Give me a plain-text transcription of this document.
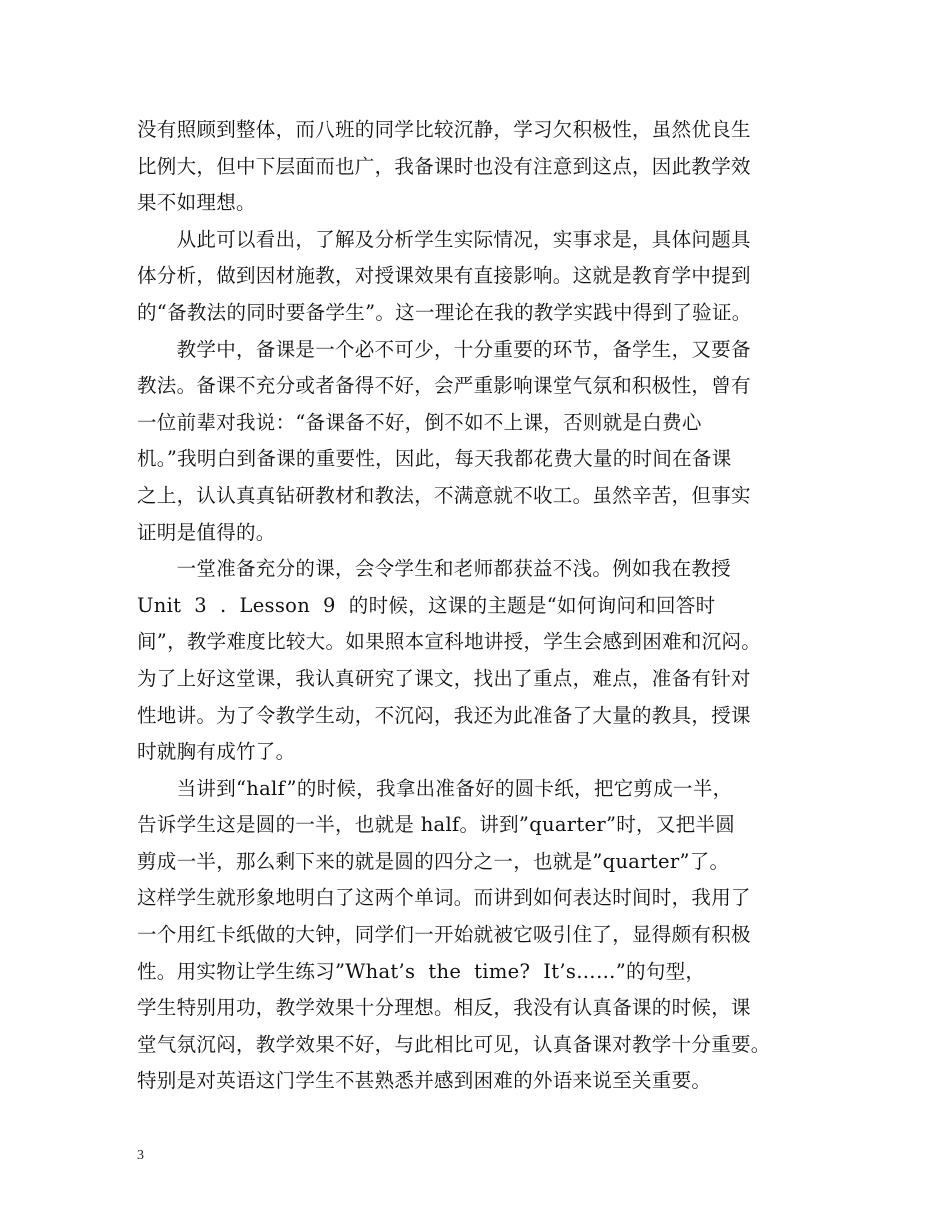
没有照顾到整体，而八班的同学比较沉静，学习欠积极性，虽然优良生
比例大，但中下层面而也广，我备课时也没有注意到这点，因此教学效
果不如理想。
　　从此可以看出，了解及分析学生实际情况，实事求是，具体问题具
体分析，做到因材施教，对授课效果有直接影响。这就是教育学中提到
的“备教法的同时要备学生”。这一理论在我的教学实践中得到了验证。
　　教学中，备课是一个必不可少，十分重要的环节，备学生，又要备
教法。备课不充分或者备得不好，会严重影响课堂气氛和积极性，曾有
一位前辈对我说：“备课备不好，倒不如不上课，否则就是白费心
机。”我明白到备课的重要性，因此，每天我都花费大量的时间在备课
之上，认认真真钻研教材和教法，不满意就不收工。虽然辛苦，但事实
证明是值得的。
　　一堂准备充分的课，会令学生和老师都获益不浅。例如我在教授
Unit  3  .  Lesson  9  的时候，这课的主题是“如何询问和回答时
间”，教学难度比较大。如果照本宣科地讲授，学生会感到困难和沉闷。
为了上好这堂课，我认真研究了课文，找出了重点，难点，准备有针对
性地讲。为了令教学生动，不沉闷，我还为此准备了大量的教具，授课
时就胸有成竹了。
　　当讲到“half”的时候，我拿出准备好的圆卡纸，把它剪成一半，
告诉学生这是圆的一半，也就是 half。讲到”quarter”时，又把半圆
剪成一半，那么剩下来的就是圆的四分之一，也就是”quarter”了。
这样学生就形象地明白了这两个单词。而讲到如何表达时间时，我用了
一个用红卡纸做的大钟，同学们一开始就被它吸引住了，显得颇有积极
性。用实物让学生练习”What’s  the  time?  It’s……”的句型，
学生特别用功，教学效果十分理想。相反，我没有认真备课的时候，课
堂气氛沉闷，教学效果不好，与此相比可见，认真备课对教学十分重要。
特别是对英语这门学生不甚熟悉并感到困难的外语来说至关重要。
3
